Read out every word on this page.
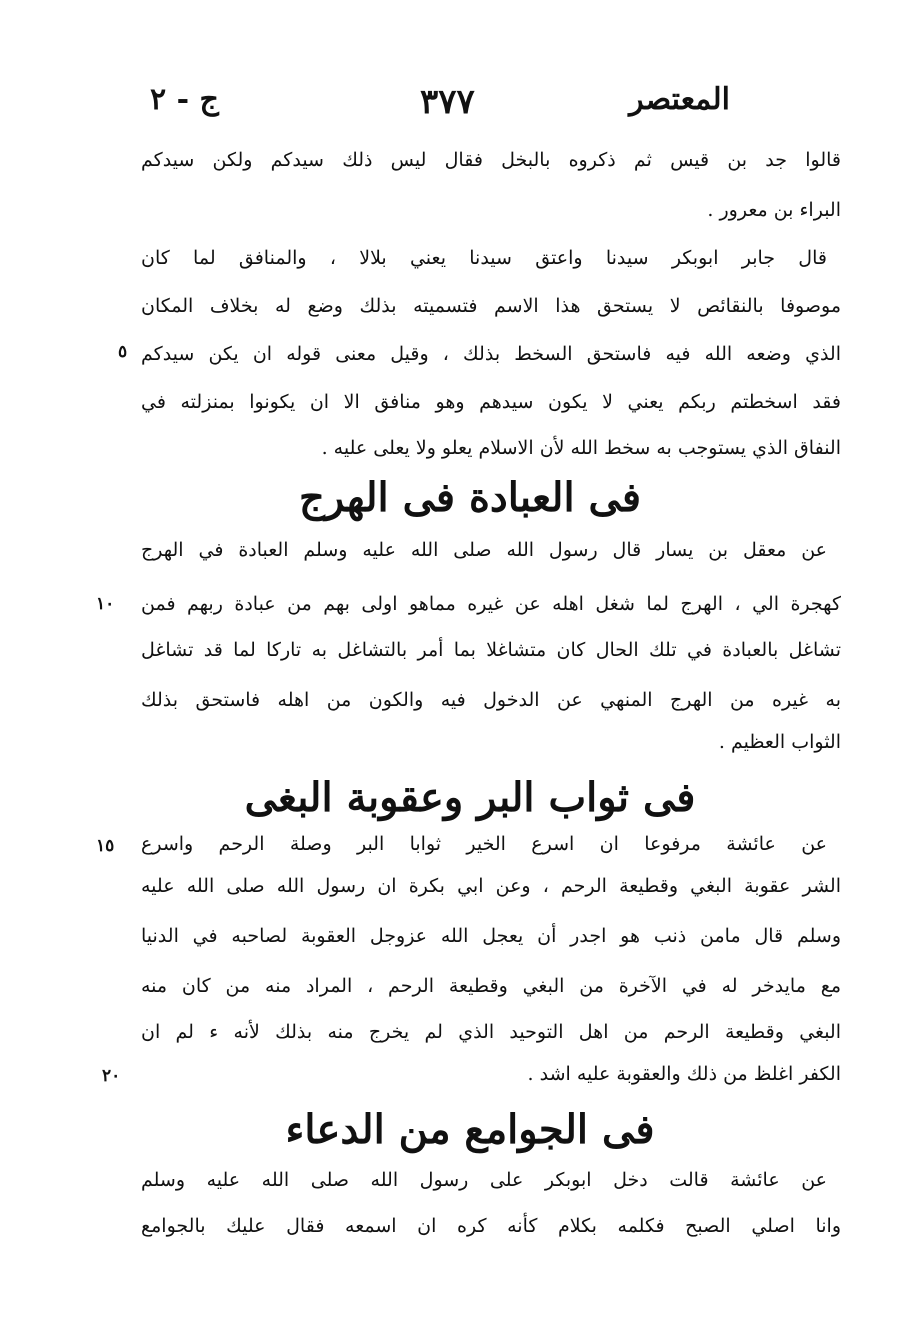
المعتصر
٣٧٧
ج - ٢
قالوا جد بن قيس ثم ذكروه بالبخل فقال ليس ذلك سيدكم ولكن سيدكم
البراء بن معرور .
قال جابر ابوبكر سيدنا واعتق سيدنا يعني بلالا ، والمنافق لما كان
موصوفا بالنقائص لا يستحق هذا الاسم فتسميته بذلك وضع له بخلاف المكان
الذي وضعه الله فيه فاستحق السخط بذلك ، وقيل معنى قوله ان يكن سيدكم
فقد اسخطتم ربكم يعني لا يكون سيدهم وهو منافق الا ان يكونوا بمنزلته في
النفاق الذي يستوجب به سخط الله لأن الاسلام يعلو ولا يعلى عليه .
فى العبادة فى الهرج
عن معقل بن يسار قال رسول الله صلى الله عليه وسلم العبادة في الهرج
كهجرة الي ، الهرج لما شغل اهله عن غيره مماهو اولى بهم من عبادة ربهم فمن
تشاغل بالعبادة في تلك الحال كان متشاغلا بما أمر بالتشاغل به تاركا لما قد تشاغل
به غيره من الهرج المنهي عن الدخول فيه والكون من اهله فاستحق بذلك
الثواب العظيم .
فى ثواب البر وعقوبة البغى
عن عائشة مرفوعا ان اسرع الخير ثوابا البر وصلة الرحم واسرع
الشر عقوبة البغي وقطيعة الرحم ، وعن ابي بكرة ان رسول الله صلى الله عليه
وسلم قال مامن ذنب هو اجدر أن يعجل الله عزوجل العقوبة لصاحبه في الدنيا
مع مايدخر له في الآخرة من البغي وقطيعة الرحم ، المراد منه من كان منه
البغي وقطيعة الرحم من اهل التوحيد الذي لم يخرج منه بذلك لأنه ء لم ان
الكفر اغلظ من ذلك والعقوبة عليه اشد .
فى الجوامع من الدعاء
عن عائشة قالت دخل ابوبكر على رسول الله صلى الله عليه وسلم
وانا اصلي الصبح فكلمه بكلام كأنه كره ان اسمعه فقال عليك بالجوامع
٥
١٠
١٥
٢٠
